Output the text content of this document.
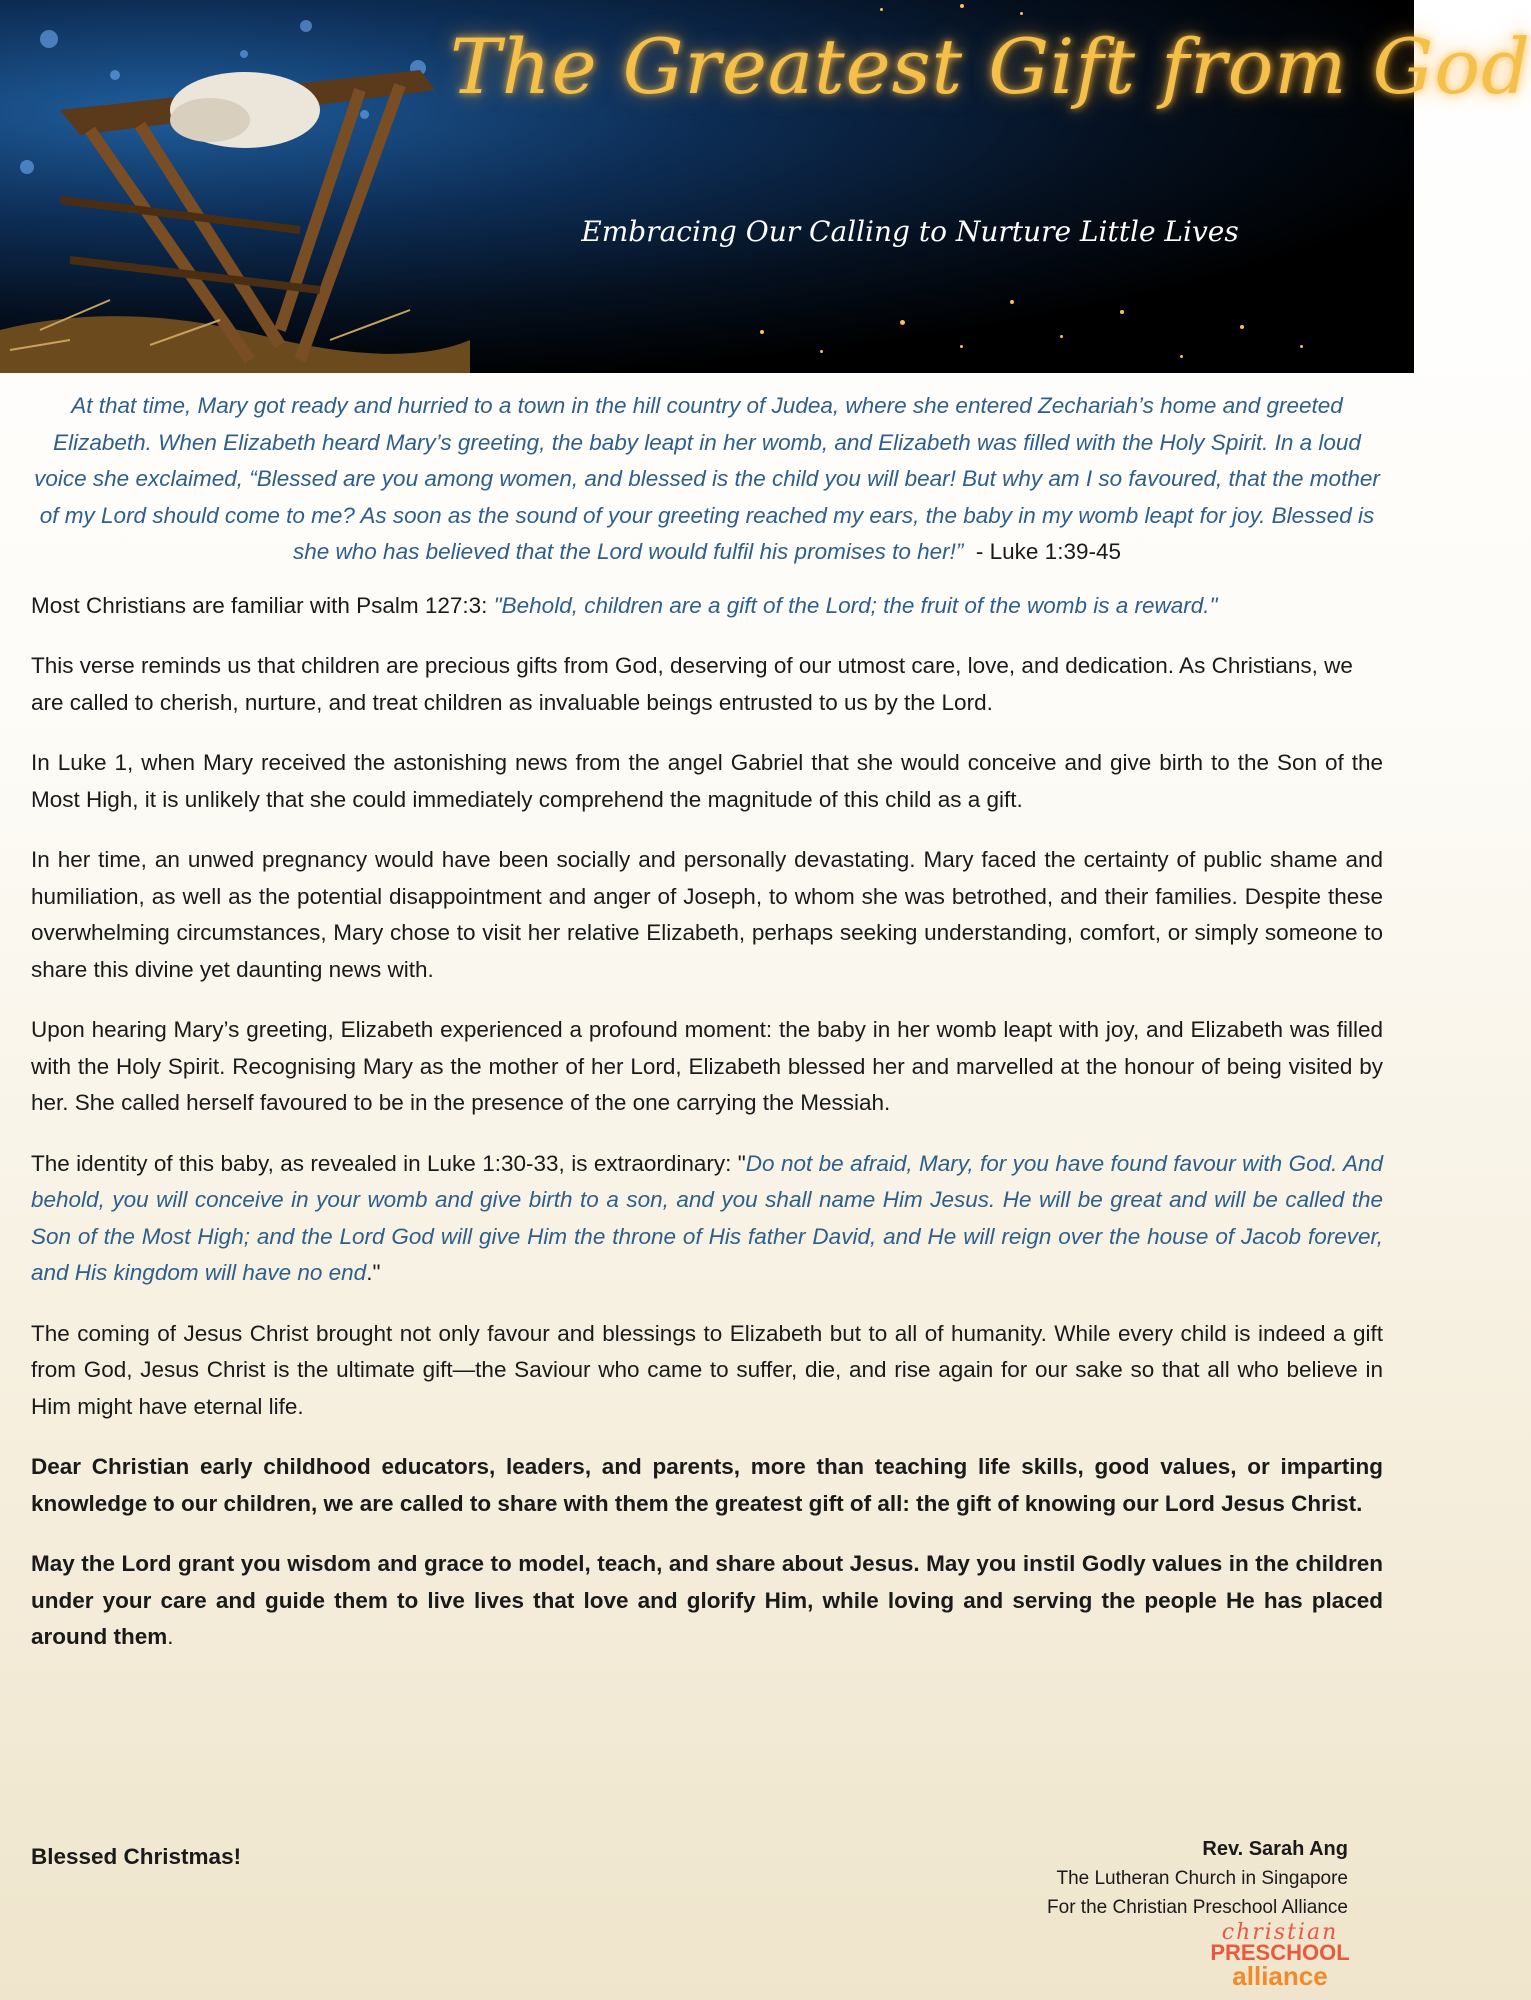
The Greatest Gift from God
Embracing Our Calling to Nurture Little Lives

At that time, Mary got ready and hurried to a town in the hill country of Judea, where she entered Zechariah’s home and greeted Elizabeth. When Elizabeth heard Mary’s greeting, the baby leapt in her womb, and Elizabeth was filled with the Holy Spirit. In a loud voice she exclaimed, “Blessed are you among women, and blessed is the child you will bear! But why am I so favoured, that the mother of my Lord should come to me? As soon as the sound of your greeting reached my ears, the baby in my womb leapt for joy. Blessed is she who has believed that the Lord would fulfil his promises to her!” - Luke 1:39-45

Most Christians are familiar with Psalm 127:3: "Behold, children are a gift of the Lord; the fruit of the womb is a reward."

This verse reminds us that children are precious gifts from God, deserving of our utmost care, love, and dedication. As Christians, we are called to cherish, nurture, and treat children as invaluable beings entrusted to us by the Lord.

In Luke 1, when Mary received the astonishing news from the angel Gabriel that she would conceive and give birth to the Son of the Most High, it is unlikely that she could immediately comprehend the magnitude of this child as a gift.

In her time, an unwed pregnancy would have been socially and personally devastating. Mary faced the certainty of public shame and humiliation, as well as the potential disappointment and anger of Joseph, to whom she was betrothed, and their families. Despite these overwhelming circumstances, Mary chose to visit her relative Elizabeth, perhaps seeking understanding, comfort, or simply someone to share this divine yet daunting news with.

Upon hearing Mary’s greeting, Elizabeth experienced a profound moment: the baby in her womb leapt with joy, and Elizabeth was filled with the Holy Spirit. Recognising Mary as the mother of her Lord, Elizabeth blessed her and marvelled at the honour of being visited by her. She called herself favoured to be in the presence of the one carrying the Messiah.

The identity of this baby, as revealed in Luke 1:30-33, is extraordinary: "Do not be afraid, Mary, for you have found favour with God. And behold, you will conceive in your womb and give birth to a son, and you shall name Him Jesus. He will be great and will be called the Son of the Most High; and the Lord God will give Him the throne of His father David, and He will reign over the house of Jacob forever, and His kingdom will have no end."

The coming of Jesus Christ brought not only favour and blessings to Elizabeth but to all of humanity. While every child is indeed a gift from God, Jesus Christ is the ultimate gift—the Saviour who came to suffer, die, and rise again for our sake so that all who believe in Him might have eternal life.

Dear Christian early childhood educators, leaders, and parents, more than teaching life skills, good values, or imparting knowledge to our children, we are called to share with them the greatest gift of all: the gift of knowing our Lord Jesus Christ.

May the Lord grant you wisdom and grace to model, teach, and share about Jesus. May you instil Godly values in the children under your care and guide them to live lives that love and glorify Him, while loving and serving the people He has placed around them.

Blessed Christmas!	Rev. Sarah Ang
The Lutheran Church in Singapore
For the Christian Preschool Alliance
christian
PRESCHOOL
alliance
